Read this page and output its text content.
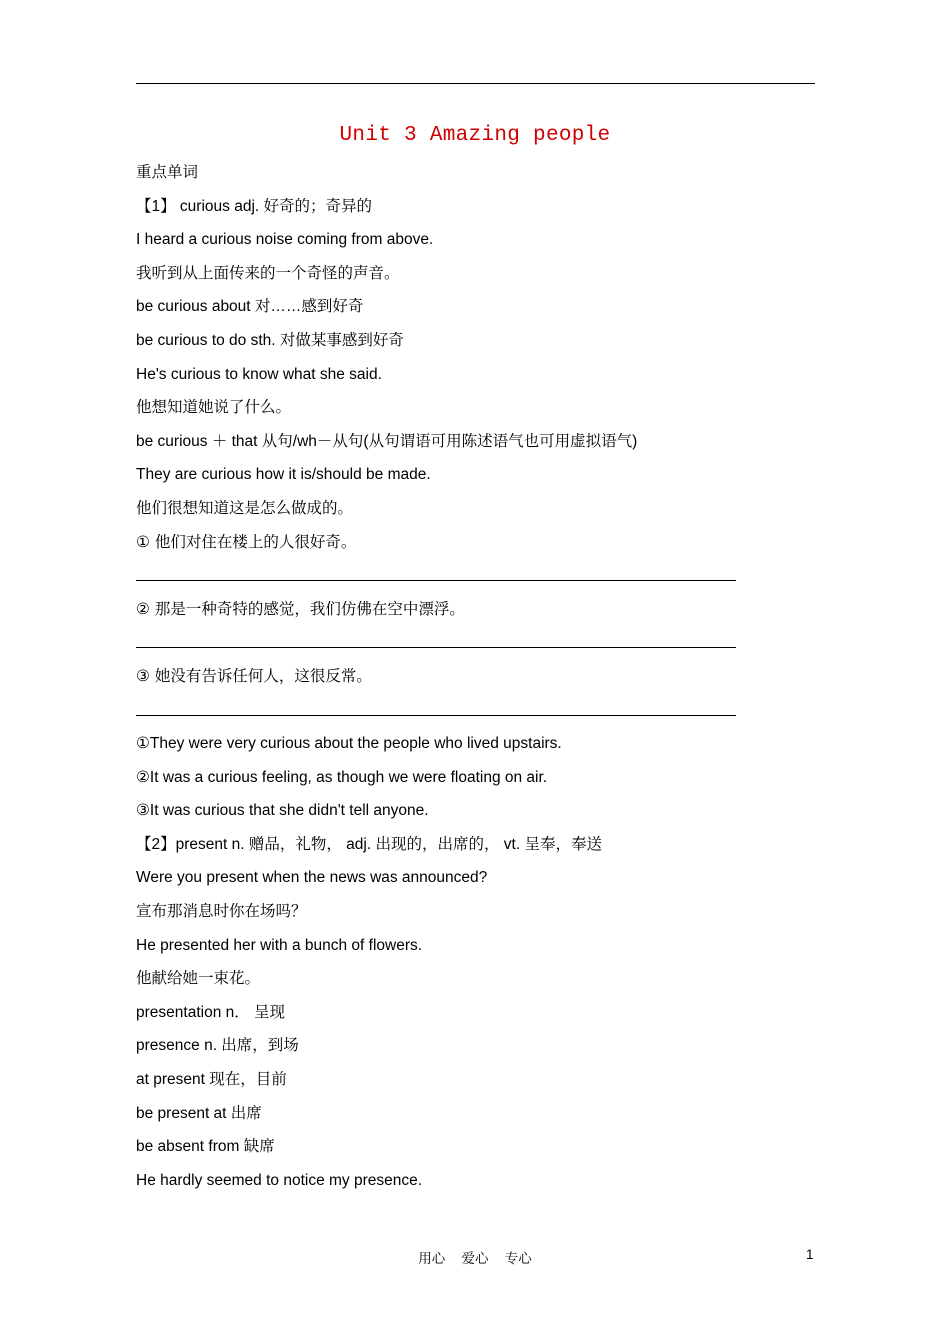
Unit 3 Amazing people
重点单词
【1】 curious adj. 好奇的；奇异的
I heard a curious noise coming from above.
我听到从上面传来的一个奇怪的声音。
be curious about 对……感到好奇
be curious to do sth. 对做某事感到好奇
He's curious to know what she said.
他想知道她说了什么。
be curious ＋ that 从句/wh－从句(从句谓语可用陈述语气也可用虚拟语气)
They are curious how it is/should be made.
他们很想知道这是怎么做成的。
① 他们对住在楼上的人很好奇。
② 那是一种奇特的感觉，我们仿佛在空中漂浮。
③ 她没有告诉任何人，这很反常。
①They were very curious about the people who lived upstairs.
②It was a curious feeling, as though we were floating on air.
③It was curious that she didn't tell anyone.
【2】present n. 赠品，礼物， adj. 出现的，出席的， vt. 呈奉，奉送
Were you present when the news was announced?
宣布那消息时你在场吗？
He presented her with a bunch of flowers.
他献给她一束花。
presentation n． 呈现
presence n. 出席，到场
at present 现在，目前
be present at 出席
be absent from 缺席
He hardly seemed to notice my presence.
用心 爱心 专心	1
